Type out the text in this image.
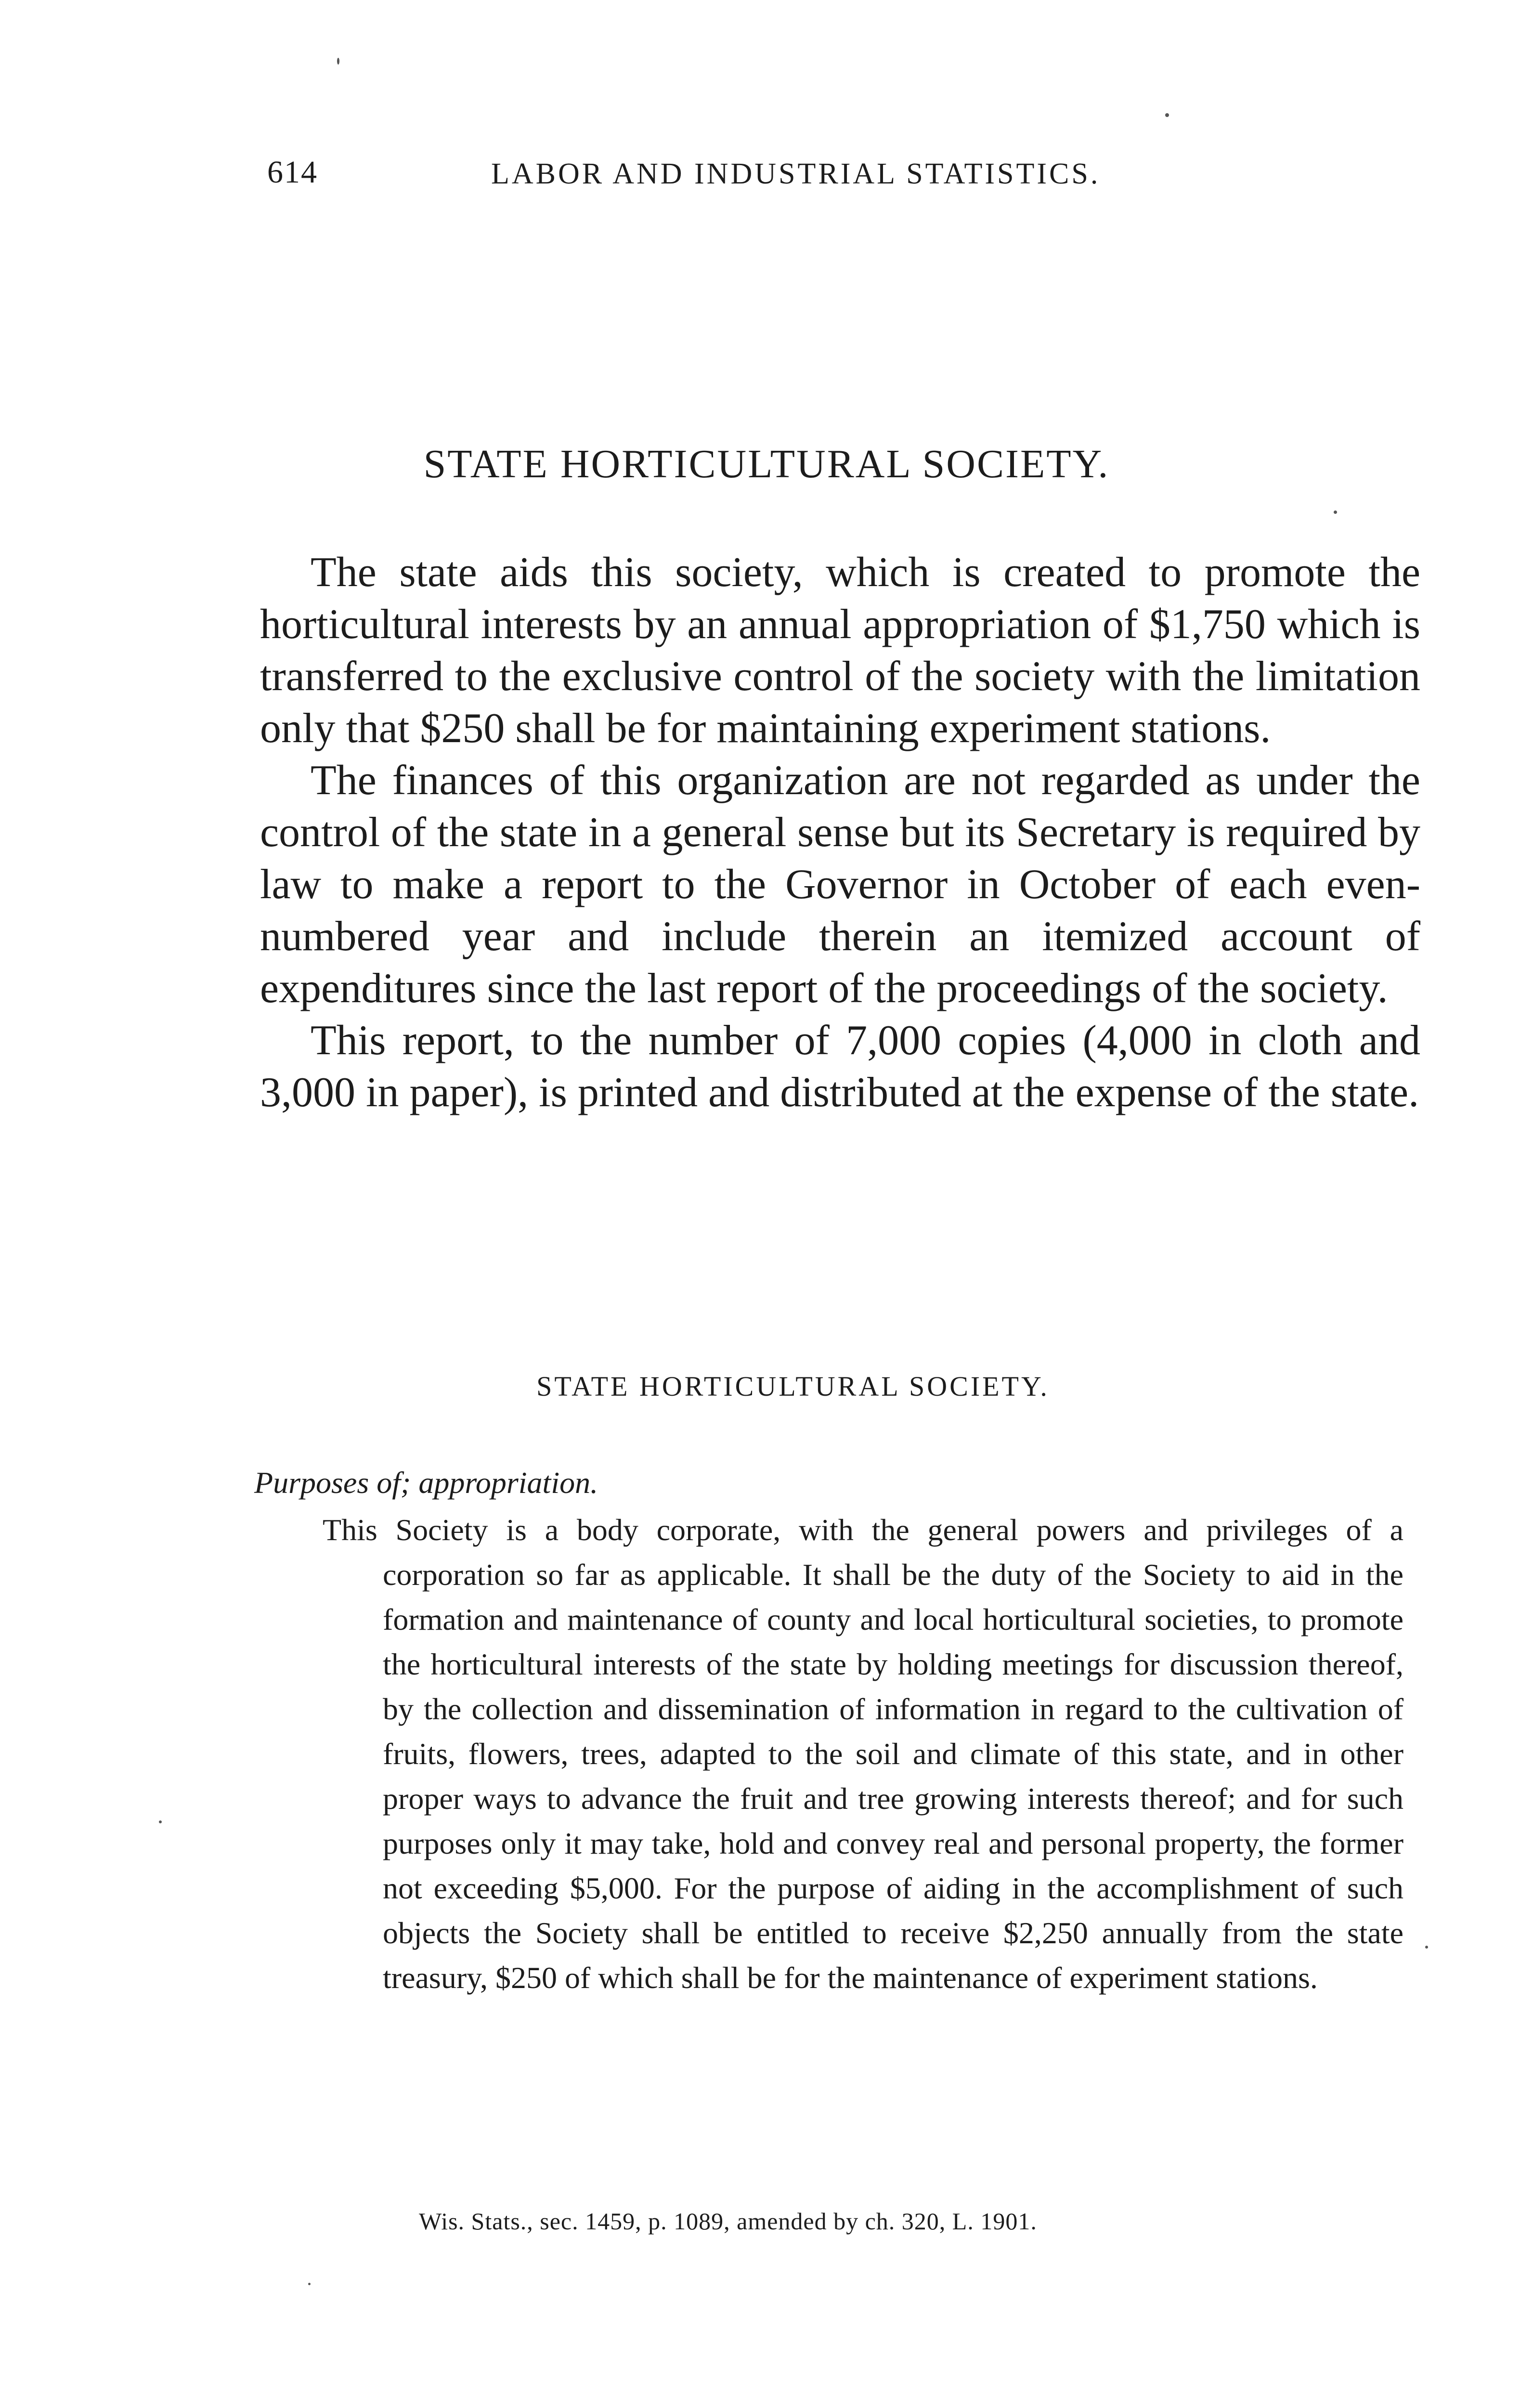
614	LABOR AND INDUSTRIAL STATISTICS.
STATE HORTICULTURAL SOCIETY.

The state aids this society, which is created to promote the horticultural interests by an annual appropriation of $1,750 which is transferred to the exclusive control of the society with the limitation only that $250 shall be for maintaining experiment stations.

The finances of this organization are not regarded as under the control of the state in a general sense but its Secretary is required by law to make a report to the Governor in October of each even-numbered year and include therein an itemized account of expenditures since the last report of the proceedings of the society.

This report, to the number of 7,000 copies (4,000 in cloth and 3,000 in paper), is printed and distributed at the expense of the state.

STATE HORTICULTURAL SOCIETY.
Purposes of; appropriation.

This Society is a body corporate, with the general powers and privileges of a corporation so far as applicable. It shall be the duty of the Society to aid in the formation and maintenance of county and local horticultural societies, to promote the horticultural interests of the state by holding meetings for discussion thereof, by the collection and dissemination of information in regard to the cultivation of fruits, flowers, trees, adapted to the soil and climate of this state, and in other proper ways to advance the fruit and tree growing interests thereof; and for such purposes only it may take, hold and convey real and personal property, the former not exceeding $5,000. For the purpose of aiding in the accomplishment of such objects the Society shall be entitled to receive $2,250 annually from the state treasury, $250 of which shall be for the maintenance of experiment stations.

Wis. Stats., sec. 1459, p. 1089, amended by ch. 320, L. 1901.
